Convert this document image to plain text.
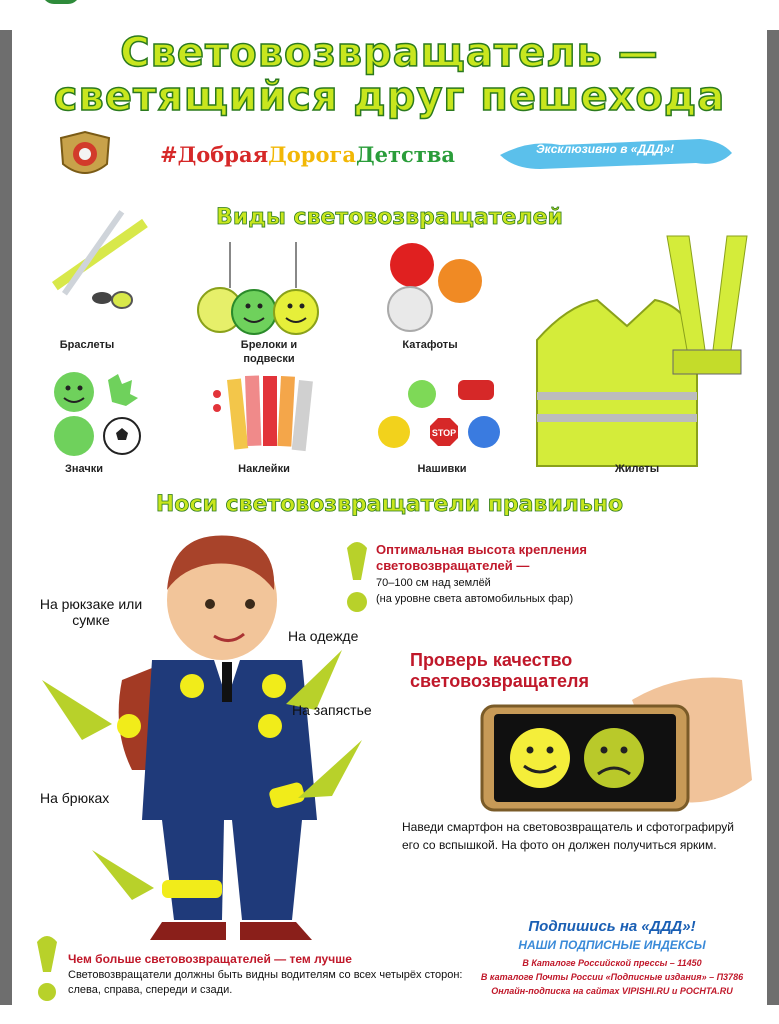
Световозвращатель —
светящийся друг пешехода
#ДобраяДорогаДетства	Эксклюзивно в «ДДД»!
Виды световозвращателей
Браслеты	Брелоки и подвески
Катафоты
Значки	Наклейки
STOP
Нашивки	Жилеты
Носи световозвращатели правильно
На рюкзаке или сумке
На одежде
На запястье
На брюках
Оптимальная высота крепления световозвращателей —
70–100 см над землёй
(на уровне света автомобильных фар)
Проверь качество световозвращателя
Наведи смартфон на световозвращатель и сфотографируй его со вспышкой. На фото он должен получиться ярким.
Чем больше световозвращателей — тем лучше
Световозвращатели должны быть видны водителям со всех четырёх сторон: слева, справа, спереди и сзади.
Подпишись на «ДДД»!
НАШИ ПОДПИСНЫЕ ИНДЕКСЫ
В Каталоге Российской прессы – 11450
В каталоге Почты России «Подписные издания» – П3786
Онлайн-подписка на сайтах VIPISHI.RU и POCHTA.RU
